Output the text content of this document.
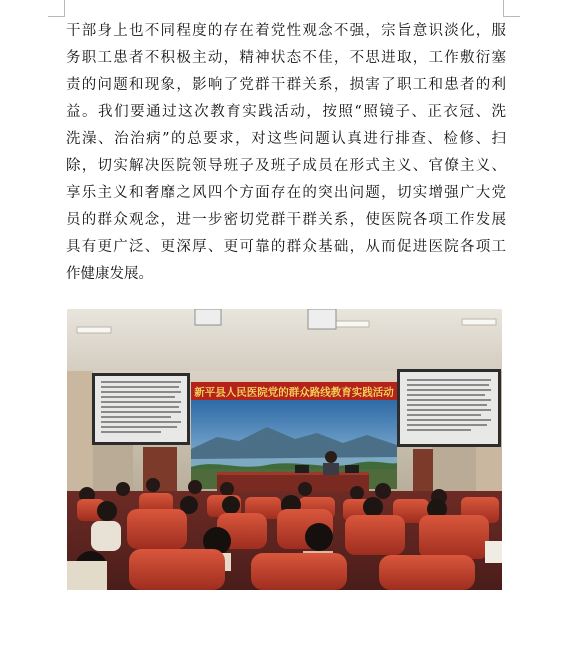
干部身上也不同程度的存在着党性观念不强，宗旨意识淡化，服
务职工患者不积极主动，精神状态不佳，不思进取，工作敷衍塞
责的问题和现象，影响了党群干群关系，损害了职工和患者的利
益。我们要通过这次教育实践活动，按照“照镜子、正衣冠、洗
洗澡、治治病”的总要求，对这些问题认真进行排查、检修、扫
除，切实解决医院领导班子及班子成员在形式主义、官僚主义、
享乐主义和奢靡之风四个方面存在的突出问题，切实增强广大党
员的群众观念，进一步密切党群干群关系，使医院各项工作发展
具有更广泛、更深厚、更可靠的群众基础，从而促进医院各项工
作健康发展。
新平县人民医院党的群众路线教育实践活动
